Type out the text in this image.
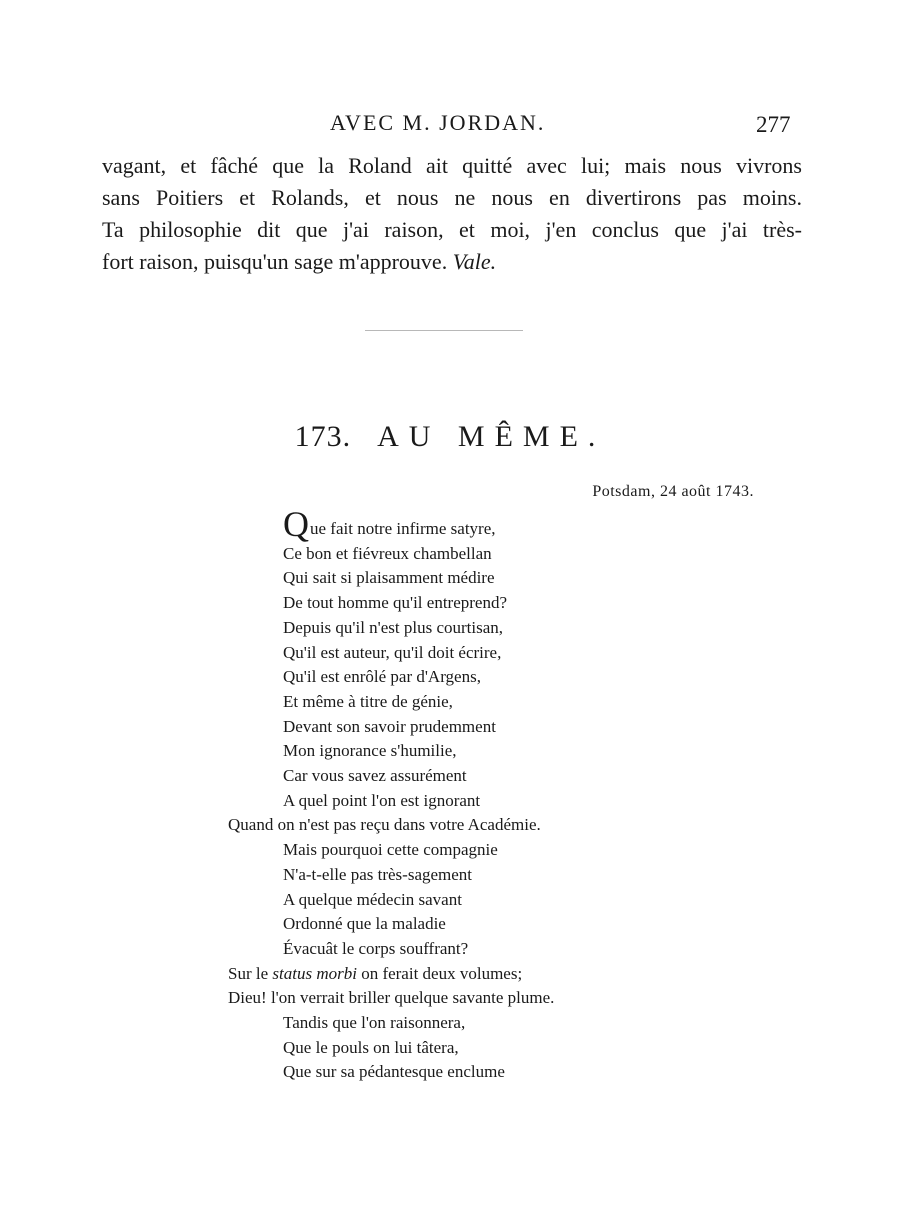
AVEC M. JORDAN.	277
vagant, et fâché que la Roland ait quitté avec lui; mais nous vivrons
sans Poitiers et Rolands, et nous ne nous en divertirons pas moins.
Ta philosophie dit que j'ai raison, et moi, j'en conclus que j'ai très-
fort raison, puisqu'un sage m'approuve. Vale.
173. AU MÊME.
Potsdam, 24 août 1743.
Que fait notre infirme satyre,
Ce bon et fiévreux chambellan
Qui sait si plaisamment médire
De tout homme qu'il entreprend?
Depuis qu'il n'est plus courtisan,
Qu'il est auteur, qu'il doit écrire,
Qu'il est enrôlé par d'Argens,
Et même à titre de génie,
Devant son savoir prudemment
Mon ignorance s'humilie,
Car vous savez assurément
A quel point l'on est ignorant
Quand on n'est pas reçu dans votre Académie.
Mais pourquoi cette compagnie
N'a-t-elle pas très-sagement
A quelque médecin savant
Ordonné que la maladie
Évacuât le corps souffrant?
Sur le status morbi on ferait deux volumes;
Dieu! l'on verrait briller quelque savante plume.
Tandis que l'on raisonnera,
Que le pouls on lui tâtera,
Que sur sa pédantesque enclume
